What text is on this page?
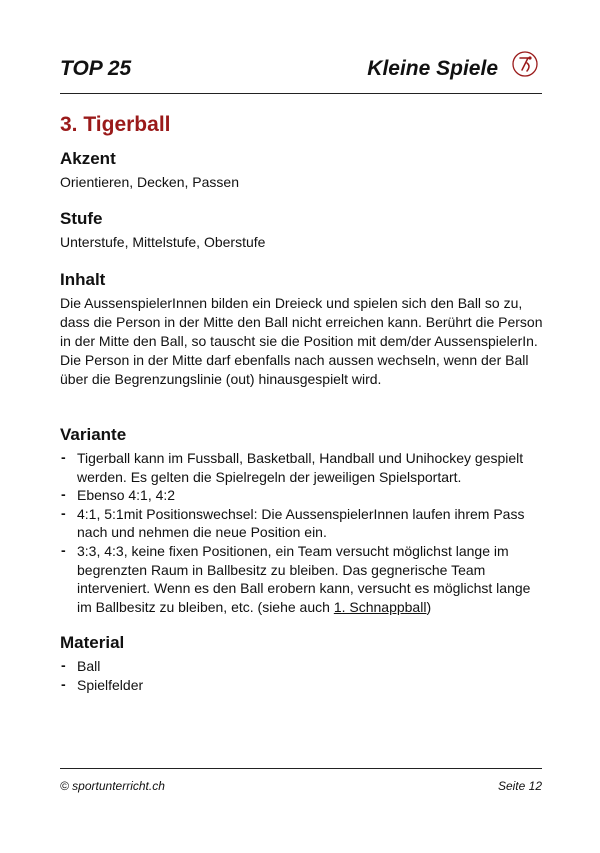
TOP 25	Kleine Spiele
3. Tigerball
Akzent
Orientieren, Decken, Passen
Stufe
Unterstufe, Mittelstufe, Oberstufe
Inhalt
Die AussenspielerInnen bilden ein Dreieck und spielen sich den Ball so zu, dass die Person in der Mitte den Ball nicht erreichen kann. Berührt die Person in der Mitte den Ball, so tauscht sie die Position mit dem/der AussenspielerIn. Die Person in der Mitte darf ebenfalls nach aussen wechseln, wenn der Ball über die Begrenzungslinie (out) hinausgespielt wird.
Variante
- Tigerball kann im Fussball, Basketball, Handball und Unihockey gespielt werden. Es gelten die Spielregeln der jeweiligen Spielsportart.
- Ebenso 4:1, 4:2
- 4:1, 5:1mit Positionswechsel: Die AussenspielerInnen laufen ihrem Pass nach und nehmen die neue Position ein.
- 3:3, 4:3, keine fixen Positionen, ein Team versucht möglichst lange im begrenzten Raum in Ballbesitz zu bleiben. Das gegnerische Team interveniert. Wenn es den Ball erobern kann, versucht es möglichst lange im Ballbesitz zu bleiben, etc. (siehe auch 1. Schnappball)
Material
- Ball
- Spielfelder
© sportunterricht.ch	Seite 12
